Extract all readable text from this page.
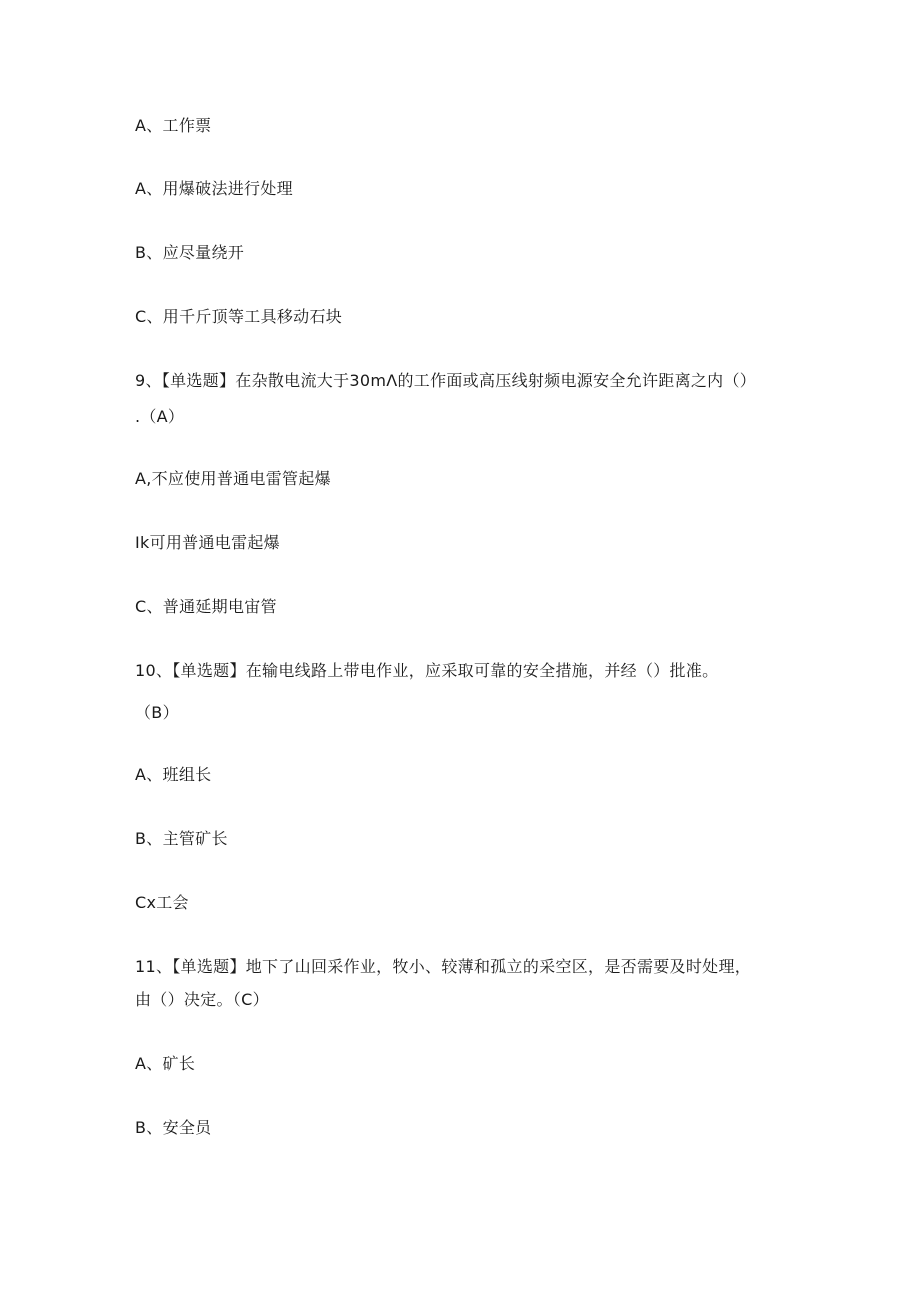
A、工作票
A、用爆破法进行处理
B、应尽量绕开
C、用千斤顶等工具移动石块
9、【单选题】在杂散电流大于30mΛ的工作面或高压线射频电源安全允许距离之内（）
.（A）
A,不应使用普通电雷管起爆
Ik可用普通电雷起爆
C、普通延期电宙管
10、【单选题】在输电线路上带电作业，应采取可靠的安全措施，并经（）批准。
（B）
A、班组长
B、主管矿长
Cx工会
11、【单选题】地下了山回采作业，牧小、较薄和孤立的采空区，是否需要及时处理，
由（）决定。（C）
A、矿长
B、安全员
